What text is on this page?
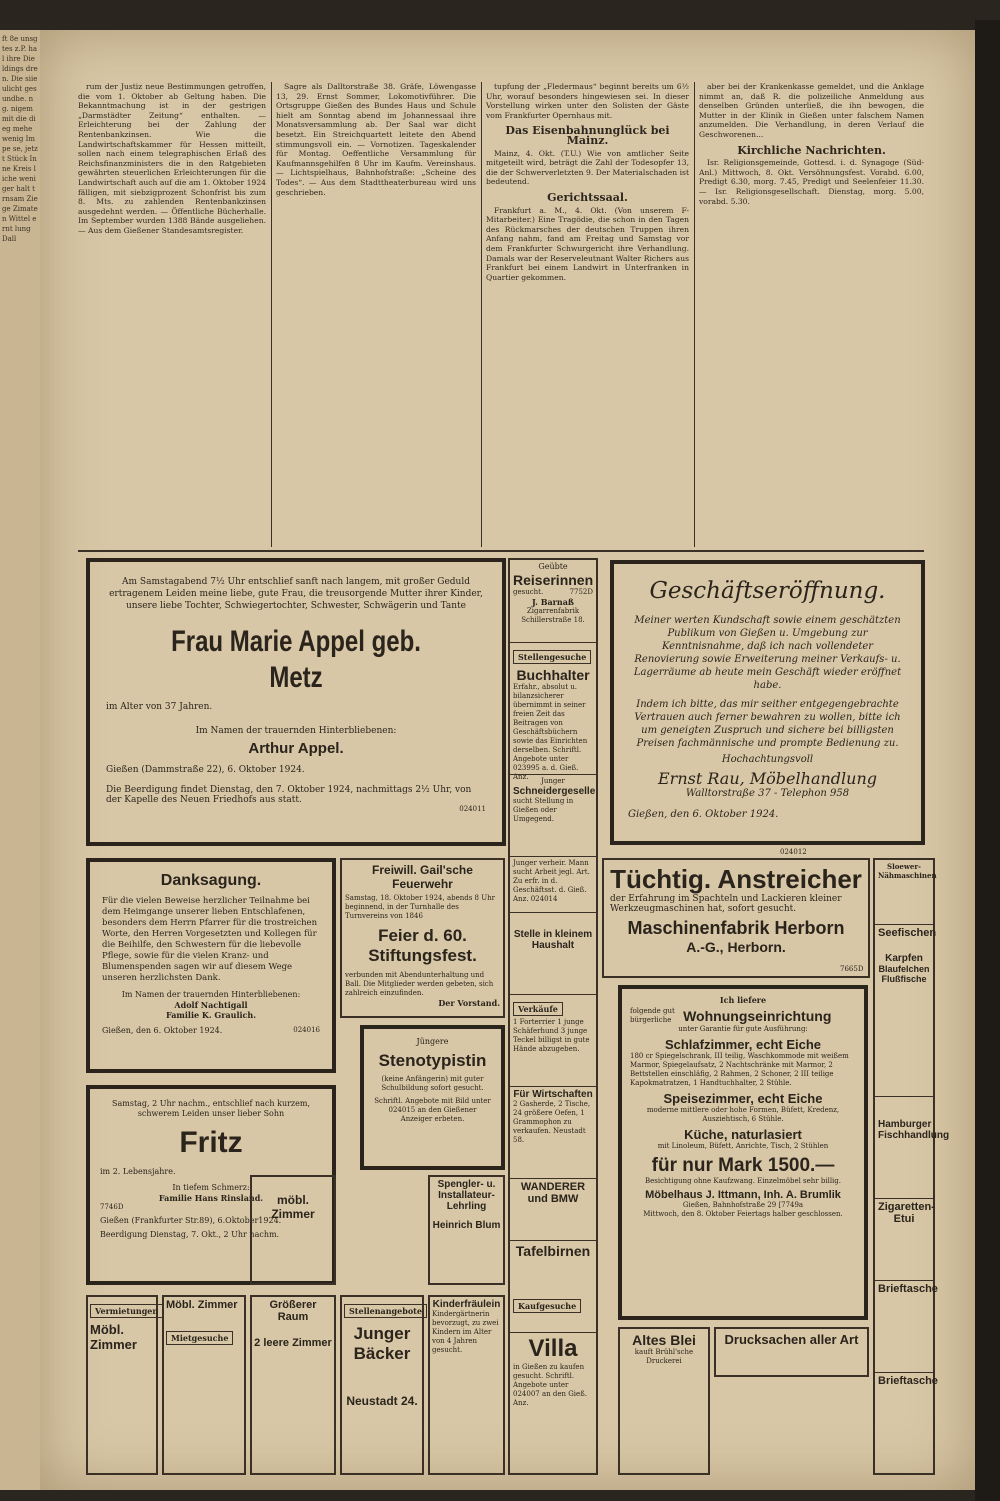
ft 8e unsgtes z.P. hal ihre Die ldings dren. Die siie ulicht gesundhe. ng. nigem mit die dieg mehe wenig Impe se, jetzt Stück Inne Kreis liche weniger halt trnsam Ziege Zimaten Wittel ernt lung Dall

rum der Justiz neue Bestimmungen getroffen, die vom 1. Oktober ab Geltung haben. Die Bekanntmachung ist in der gestrigen „Darmstädter Zeitung“ enthalten. — Erleichterung bei der Zahlung der Rentenbankzinsen. Wie die Landwirtschaftskammer für Hessen mitteilt, sollen nach einem telegraphischen Erlaß des Reichsfinanzministers die in den Ratgebieten gewährten steuerlichen Erleichterungen für die Landwirtschaft auch auf die am 1. Oktober 1924 fälligen, mit siebzigprozent Schonfrist bis zum 8. Mts. zu zahlenden Rentenbankzinsen ausgedehnt werden. — Öffentliche Bücherhalle. Im September wurden 1388 Bände ausgeliehen. — Aus dem Gießener Standesamtsregister.

Sagre als Dalltorstraße 38. Gräfe, Löwengasse 13, 29. Ernst Sommer, Lokomotivführer. Die Ortsgruppe Gießen des Bundes Haus und Schule hielt am Sonntag abend im Johannessaal ihre Monatsversammlung ab. Der Saal war dicht besetzt. Ein Streichquartett leitete den Abend stimmungsvoll ein. — Vornotizen. Tageskalender für Montag. Oeffentliche Versammlung für Kaufmannsgehilfen 8 Uhr im Kaufm. Vereinshaus. — Lichtspielhaus, Bahnhofstraße: „Scheine des Todes“. — Aus dem Stadttheaterbureau wird uns geschrieben.

tupfung der „Fledermaus“ beginnt bereits um 6½ Uhr, worauf besonders hingewiesen sei. In dieser Vorstellung wirken unter den Solisten der Gäste vom Frankfurter Opernhaus mit.

Das Eisenbahnunglück bei Mainz.

Mainz, 4. Okt. (T.U.) Wie von amtlicher Seite mitgeteilt wird, beträgt die Zahl der Todesopfer 13, die der Schwerverletzten 9. Der Materialschaden ist bedeutend.

Gerichtssaal.

Frankfurt a. M., 4. Okt. (Von unserem F-Mitarbeiter.) Eine Tragödie, die schon in den Tagen des Rückmarsches der deutschen Truppen ihren Anfang nahm, fand am Freitag und Samstag vor dem Frankfurter Schwurgericht ihre Verhandlung. Damals war der Reserveleutnant Walter Richers aus Frankfurt bei einem Landwirt in Unterfranken in Quartier gekommen.

aber bei der Krankenkasse gemeldet, und die Anklage nimmt an, daß R. die polizeiliche Anmeldung aus denselben Gründen unterließ, die ihn bewogen, die Mutter in der Klinik in Gießen unter falschem Namen anzumelden. Die Verhandlung, in deren Verlauf die Geschworenen...

Kirchliche Nachrichten.

Isr. Religionsgemeinde, Gottesd. i. d. Synagoge (Süd-Anl.) Mittwoch, 8. Okt. Versöhnungsfest. Vorabd. 6.00, Predigt 6.30, morg. 7.45, Predigt und Seelenfeier 11.30. — Isr. Religionsgesellschaft. Dienstag, morg. 5.00, vorabd. 5.30.

Am Samstagabend 7½ Uhr entschlief sanft nach langem, mit großer Geduld ertragenem Leiden meine liebe, gute Frau, die treusorgende Mutter ihrer Kinder, unsere liebe Tochter, Schwiegertochter, Schwester, Schwägerin und Tante
Frau Marie Appel geb. Metz
im Alter von 37 Jahren.
Im Namen der trauernden Hinterbliebenen:
Arthur Appel.
Gießen (Dammstraße 22), 6. Oktober 1924.
Die Beerdigung findet Dienstag, den 7. Oktober 1924, nachmittags 2½ Uhr, von der Kapelle des Neuen Friedhofs aus statt.
024011
Danksagung.
Für die vielen Beweise herzlicher Teilnahme bei dem Heimgange unserer lieben Entschlafenen, besonders dem Herrn Pfarrer für die trostreichen Worte, den Herren Vorgesetzten und Kollegen für die Beihilfe, den Schwestern für die liebevolle Pflege, sowie für die vielen Kranz- und Blumenspenden sagen wir auf diesem Wege unseren herzlichsten Dank.
Im Namen der trauernden Hinterbliebenen:
Adolf Nachtigall
Familie K. Graulich.
Gießen, den 6. Oktober 1924.	024016
Samstag, 2 Uhr nachm., entschlief nach kurzem, schwerem Leiden unser lieber Sohn
Fritz
im 2. Lebensjahre.
In tiefem Schmerz:
Familie Hans Rinsland.
7746D
Gießen (Frankfurter Str.89), 6.Oktober1924.
Beerdigung Dienstag, 7. Okt., 2 Uhr nachm.
Vermietungen
Möbl. Zimmer
Möbl. Zimmer
Mietgesuche
möbl. Zimmer
Größerer Raum
2 leere Zimmer
Freiwill. Gail'sche Feuerwehr
Samstag, 18. Oktober 1924, abends 8 Uhr beginnend, in der Turnhalle des Turnvereins von 1846
Feier d. 60. Stiftungsfest.
verbunden mit Abendunterhaltung und Ball. Die Mitglieder werden gebeten, sich zahlreich einzufinden.
Der Vorstand.
Jüngere
Stenotypistin
(keine Anfängerin) mit guter Schulbildung sofort gesucht.
Schriftl. Angebote mit Bild unter 024015 an den Gießener Anzeiger erbeten.
Stellenangebote
Junger Bäcker
Neustadt 24.
Spengler- u. Installateur-Lehrling
Heinrich Blum
Geübte
Reiserinnen
gesucht.	7752D
J. Barnaß
Zigarrenfabrik Schillerstraße 18.
Stellengesuche
Buchhalter
Erfahr., absolut u. bilanzsicherer übernimmt in seiner freien Zeit das Beitragen von Geschäftsbüchern sowie das Einrichten derselben. Schriftl. Angebote unter 023995 a. d. Gieß. Anz.	Junger
Schneidergeselle
sucht Stellung in Gießen oder Umgegend.
Junger verheir. Mann sucht Arbeit jegl. Art. Zu erfr. in d. Geschäftsst. d. Gieß. Anz. 024014
Stelle in kleinem Haushalt
Verkäufe
1 Forterrier 1 junge Schäferhund 3 junge Teckel billigst in gute Hände abzugeben.
Für Wirtschaften
2 Gasherde, 2 Tische, 24 größere Oefen, 1 Grammophon zu verkaufen. Neustadt 58.
WANDERER
und BMW
Tafelbirnen
Kaufgesuche
Villa
in Gießen zu kaufen gesucht. Schriftl. Angebote unter 024007 an den Gieß. Anz.
Kinderfräulein
Kindergärtnerin bevorzugt, zu zwei Kindern im Alter von 4 Jahren gesucht.
Geschäftseröffnung.
Meiner werten Kundschaft sowie einem geschätzten Publikum von Gießen u. Umgebung zur Kenntnisnahme, daß ich nach vollendeter Renovierung sowie Erweiterung meiner Verkaufs- u. Lagerräume ab heute mein Geschäft wieder eröffnet habe.
Indem ich bitte, das mir seither entgegengebrachte Vertrauen auch ferner bewahren zu wollen, bitte ich um geneigten Zuspruch und sichere bei billigsten Preisen fachmännische und prompte Bedienung zu.
Hochachtungsvoll
Ernst Rau, Möbelhandlung
Walltorstraße 37 - Telephon 958
Gießen, den 6. Oktober 1924.
024012
Tüchtig. Anstreicher
der Erfahrung im Spachteln und Lackieren kleiner Werkzeugmaschinen hat, sofort gesucht.
Maschinenfabrik Herborn
A.-G., Herborn.
7665D
Ich liefere
folgende gut bürgerliche Wohnungseinrichtung
unter Garantie für gute Ausführung:
Schlafzimmer, echt Eiche
180 cr Spiegelschrank, III teilig, Waschkommode mit weißem Marmor, Spiegelaufsatz, 2 Nachtschränke mit Marmor, 2 Bettstellen einschläfig, 2 Rahmen, 2 Schoner, 2 III teilige Kapokmatratzen, 1 Handtuchhalter, 2 Stühle.
Speisezimmer, echt Eiche
moderne mittlere oder hohe Formen, Büfett, Kredenz, Ausziehtisch, 6 Stühle.
Küche, naturlasiert
mit Linoleum, Büfett, Anrichte, Tisch, 2 Stühlen
für nur Mark 1500.—
Besichtigung ohne Kaufzwang. Einzelmöbel sehr billig.
Möbelhaus J. Ittmann, Inh. A. Brumlik
Gießen, Bahnhofstraße 29 [7749a
Mittwoch, den 8. Oktober Feiertags halber geschlossen.
Altes Blei
kauft Brühl'sche Druckerei
Drucksachen aller Art
Sloewer-Nähmaschinen
Seefischen
Karpfen
Blaufelchen
Flußfische
Hamburger Fischhandlung
Zigaretten-Etui
Brieftasche
Brieftasche
